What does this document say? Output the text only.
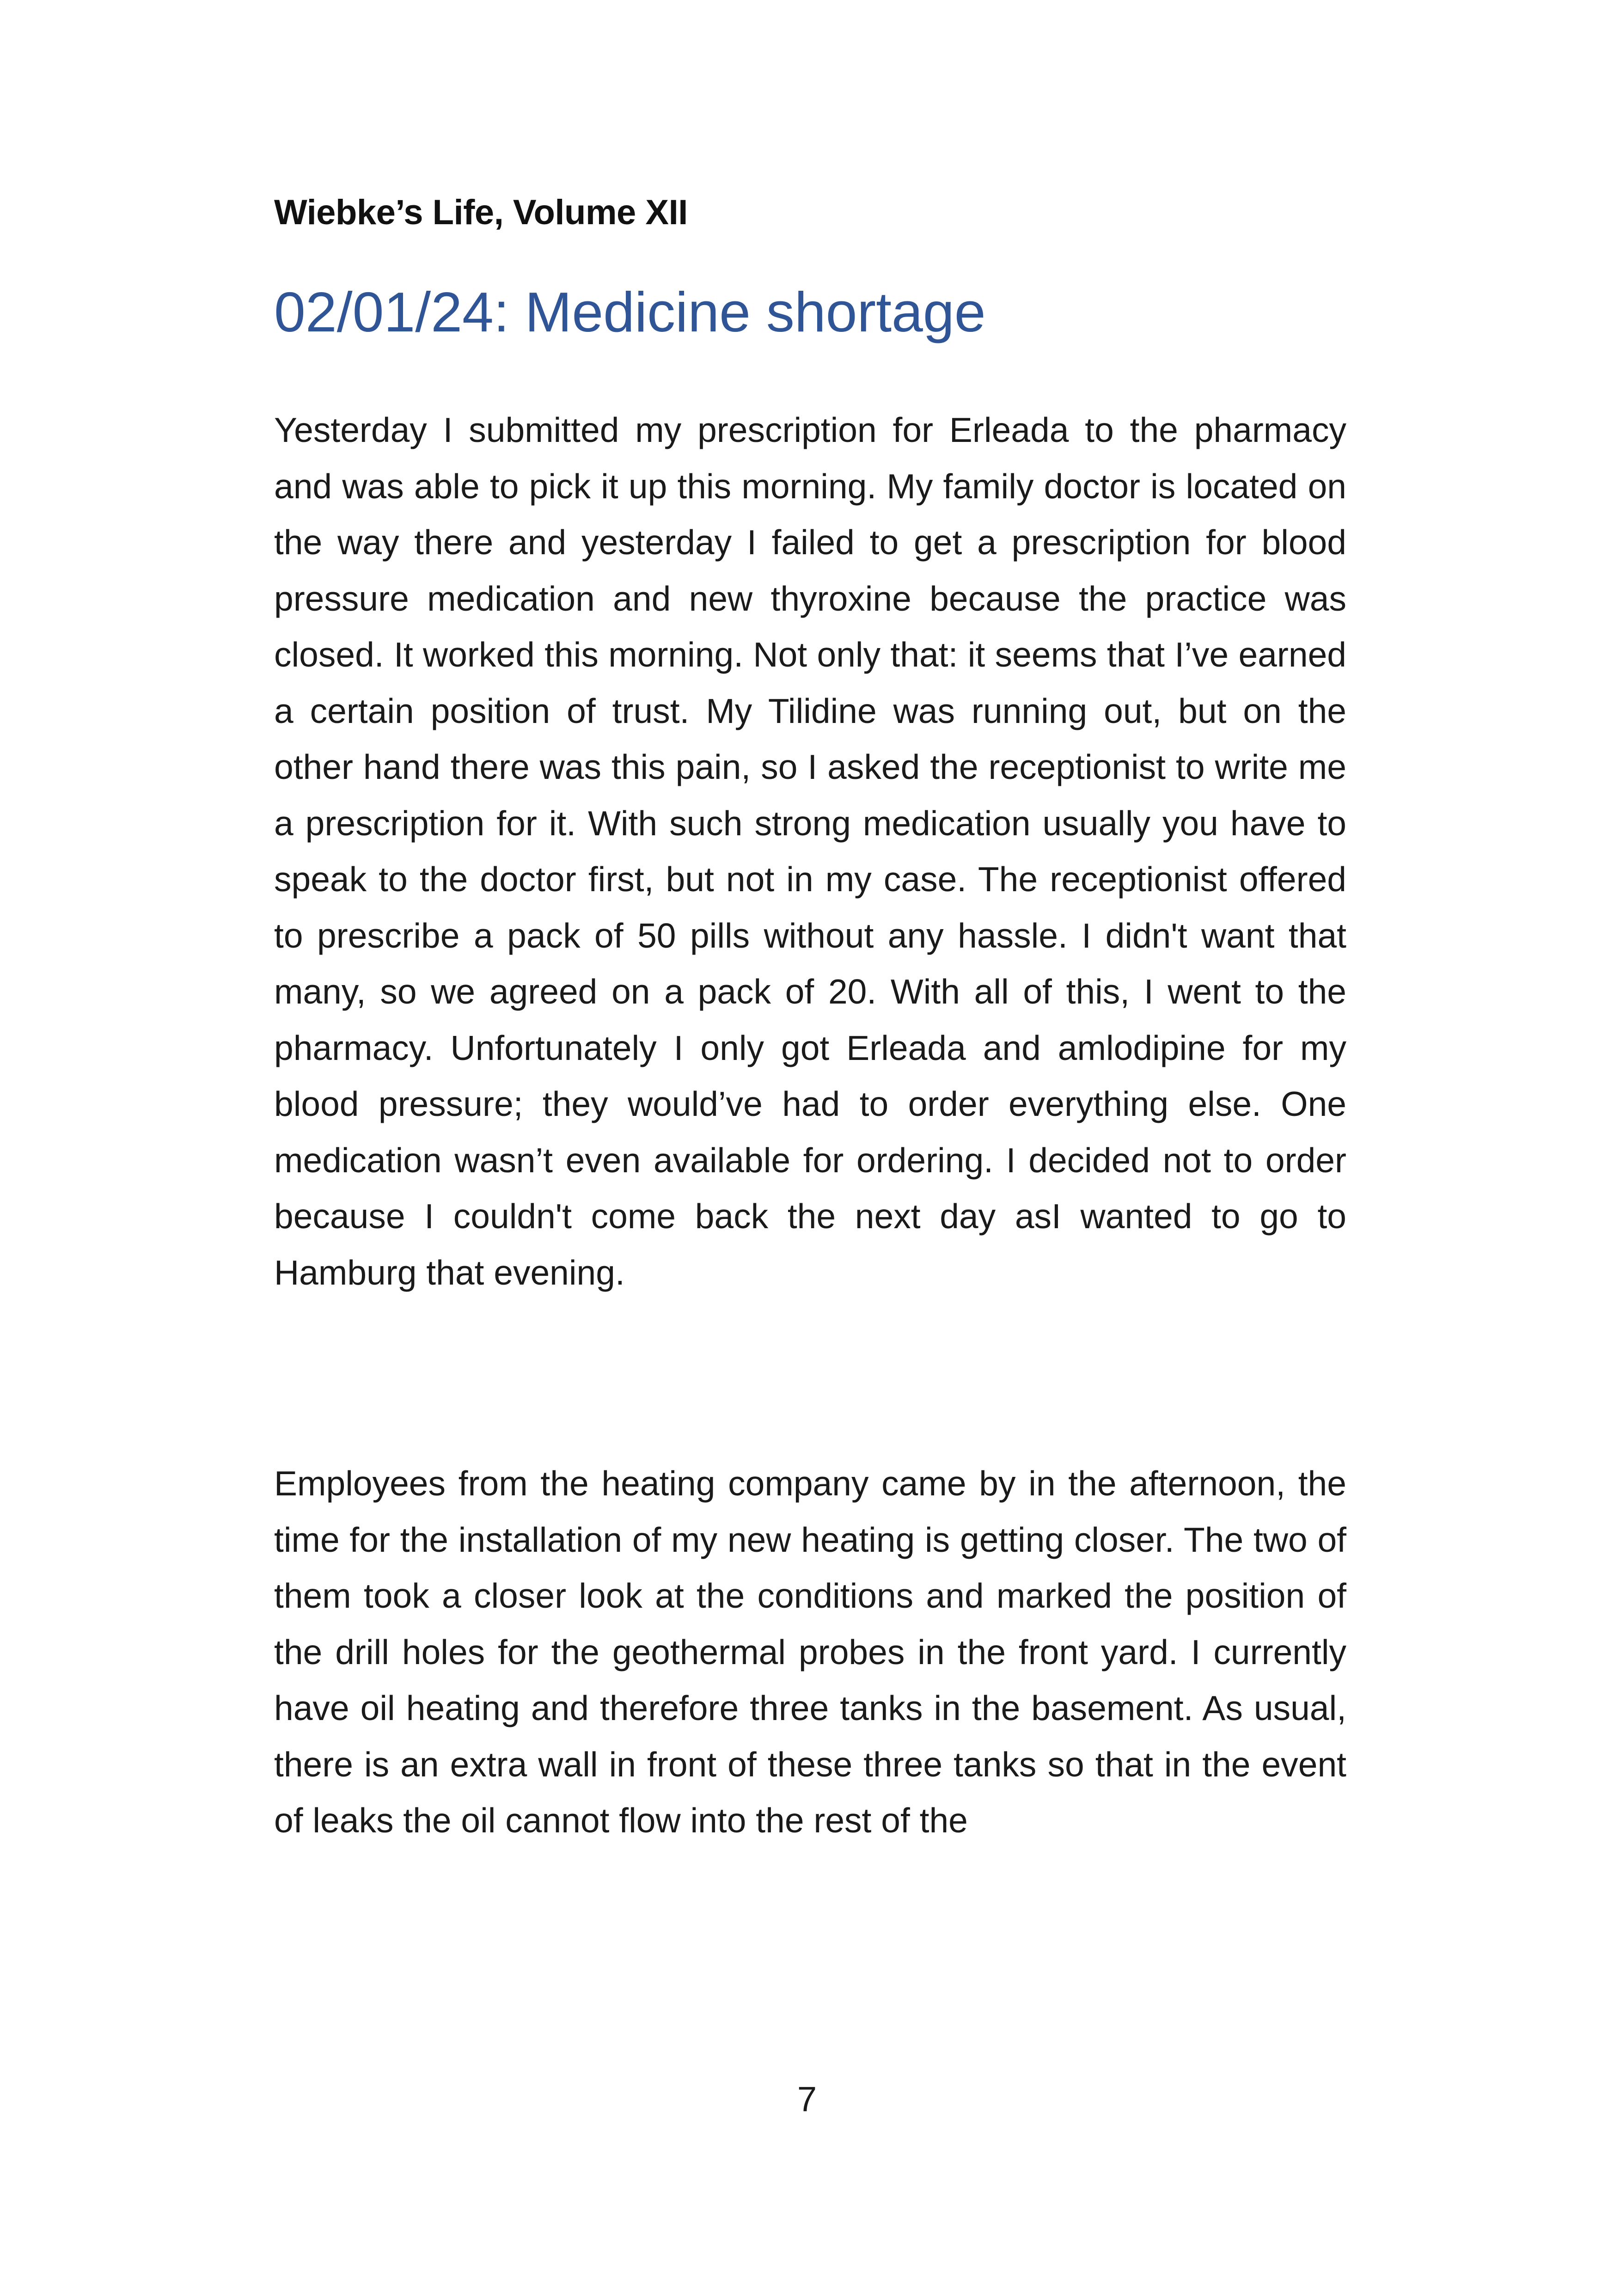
Wiebke’s Life, Volume XII
02/01/24: Medicine shortage

Yesterday I submitted my prescription for Erleada to the pharmacy and was able to pick it up this morning. My family doctor is located on the way there and yesterday I failed to get a prescription for blood pressure medication and new thyroxine because the practice was closed. It worked this morning. Not only that: it seems that I’ve earned a certain position of trust. My Tilidine was running out, but on the other hand there was this pain, so I asked the receptionist to write me a prescription for it. With such strong medication usually you have to speak to the doctor first, but not in my case. The receptionist offered to prescribe a pack of 50 pills without any hassle. I didn't want that many, so we agreed on a pack of 20. With all of this, I went to the pharmacy. Unfortunately I only got Erleada and amlodipine for my blood pressure; they would’ve had to order everything else. One medication wasn’t even available for ordering. I decided not to order because I couldn't come back the next day asI wanted to go to Hamburg that evening.

Employees from the heating company came by in the afternoon, the time for the installation of my new heating is getting closer. The two of them took a closer look at the conditions and marked the position of the drill holes for the geothermal probes in the front yard. I currently have oil heating and therefore three tanks in the basement. As usual, there is an extra wall in front of these three tanks so that in the event of leaks the oil cannot flow into the rest of the

7
